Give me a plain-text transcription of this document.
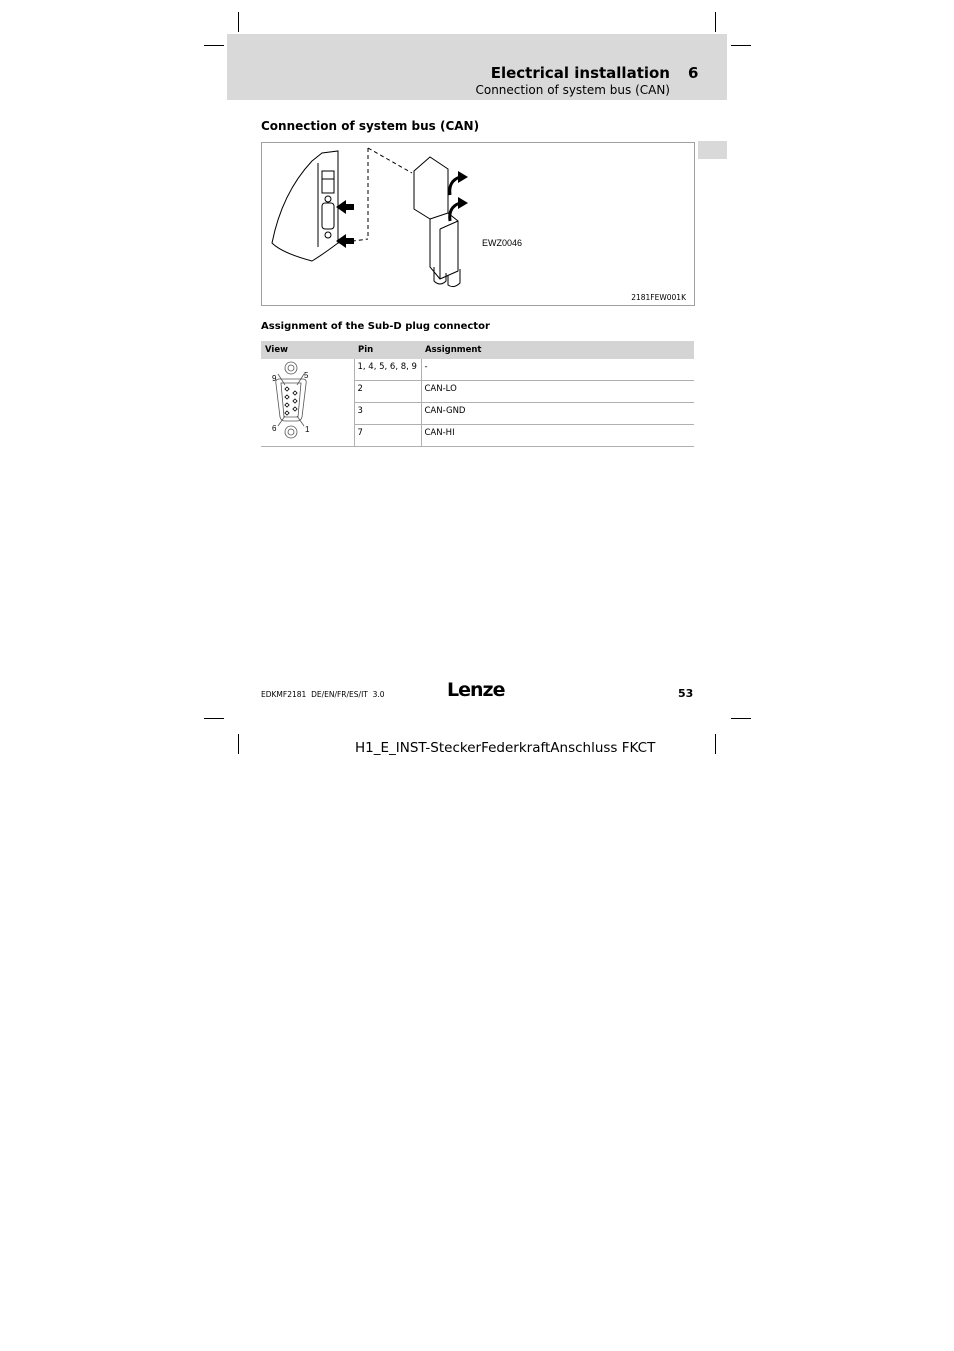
Electrical installation 6
Connection of system bus (CAN)
Connection of system bus (CAN)
EWZ0046
2181FEW001K
Assignment of the Sub-D plug connector
View	Pin	Assignment

9 5
6 1	1, 4, 5, 6, 8, 9	-
	2	CAN-LO
	3	CAN-GND
	7	CAN-HI
EDKMF2181  DE/EN/FR/ES/IT  3.0	Lenze	53
H1_E_INST-SteckerFederkraftAnschluss FKCT
